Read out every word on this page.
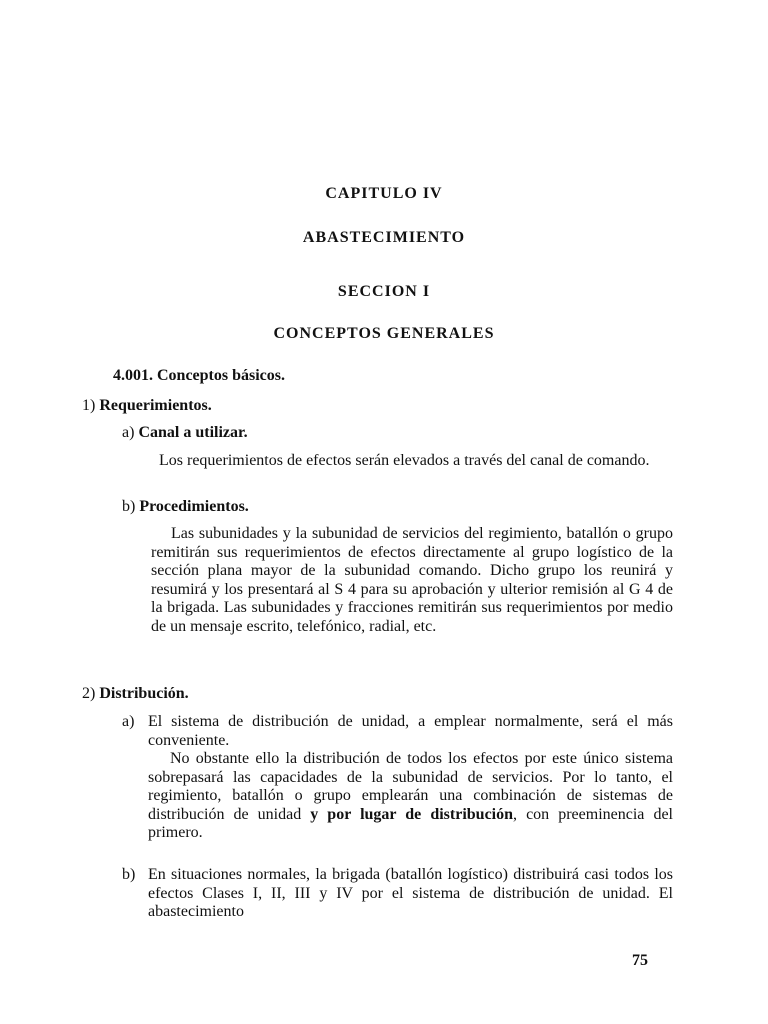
CAPITULO IV
ABASTECIMIENTO
SECCION I
CONCEPTOS GENERALES
4.001. Conceptos básicos.
1) Requerimientos.
a) Canal a utilizar.
Los requerimientos de efectos serán elevados a través del canal de comando.
b) Procedimientos.
Las subunidades y la subunidad de servicios del regimiento, batallón o grupo remitirán sus requerimientos de efectos directamente al grupo logístico de la sección plana mayor de la subunidad comando. Dicho grupo los reunirá y resumirá y los presentará al S 4 para su aprobación y ulterior remisión al G 4 de la brigada. Las subunidades y fracciones remitirán sus requerimientos por medio de un mensaje escrito, telefónico, radial, etc.
2) Distribución.
a) El sistema de distribución de unidad, a emplear normalmente, será el más conveniente.
No obstante ello la distribución de todos los efectos por este único sistema sobrepasará las capacidades de la subunidad de servicios. Por lo tanto, el regimiento, batallón o grupo emplearán una combinación de sistemas de distribución de unidad y por lugar de distribución, con preeminencia del primero.
b) En situaciones normales, la brigada (batallón logístico) distribuirá casi todos los efectos Clases I, II, III y IV por el sistema de distribución de unidad. El abastecimiento
75
